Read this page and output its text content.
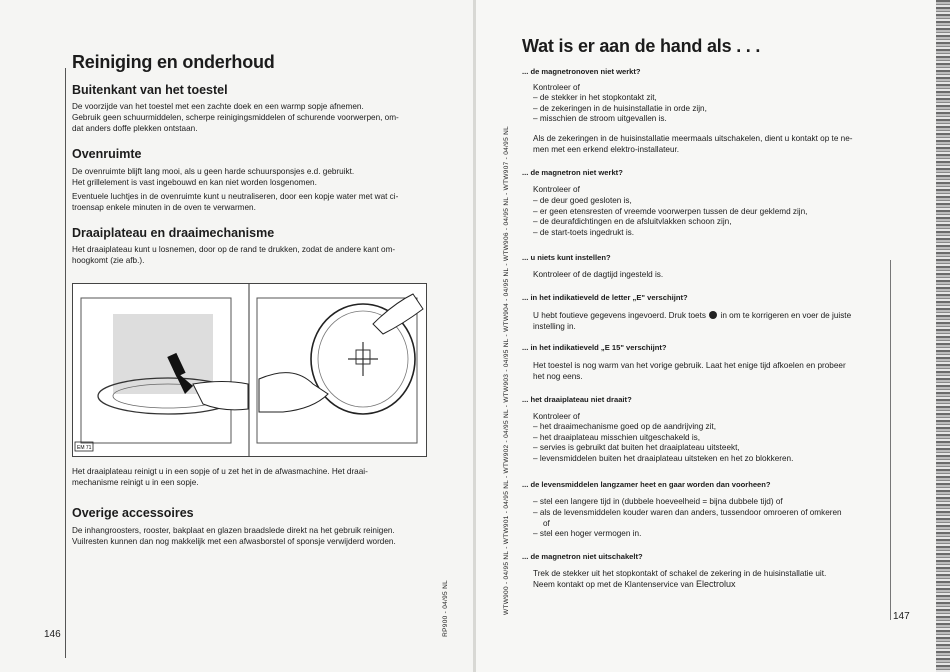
Reiniging en onderhoud
Buitenkant van het toestel

De voorzijde van het toestel met een zachte doek en een warmp sopje afnemen.

Gebruik geen schuurmiddelen, scherpe reinigingsmiddelen of schurende voorwerpen, om-

dat anders doffe plekken ontstaan.

Ovenruimte

De ovenruimte blijft lang mooi, als u geen harde schuursponsjes e.d. gebruikt.

Het grillelement is vast ingebouwd en kan niet worden losgenomen.

Eventuele luchtjes in de ovenruimte kunt u neutraliseren, door een kopje water met wat ci-

troensap enkele minuten in de oven te verwarmen.

Draaiplateau en draaimechanisme

Het draaiplateau kunt u losnemen, door op de rand te drukken, zodat de andere kant om-

hoogkomt (zie afb.).

EM 71

Het draaiplateau reinigt u in een sopje of u zet het in de afwasmachine. Het draai-

mechanisme reinigt u in een sopje.

Overige accessoires

De inhangroosters, rooster, bakplaat en glazen braadslede direkt na het gebruik reinigen.

Vuilresten kunnen dan nog makkelijk met een afwasborstel of sponsje verwijderd worden.

146	RP900 - 04/95 NL
Wat is er aan de hand als . . .
... de magnetronoven niet werkt?

Kontroleer of

– de stekker in het stopkontakt zit,
– de zekeringen in de huisinstallatie in orde zijn,
– misschien de stroom uitgevallen is.

Als de zekeringen in de huisinstallatie meermaals uitschakelen, dient u kontakt op te ne-

men met een erkend elektro-installateur.

... de magnetron niet werkt?

Kontroleer of

– de deur goed gesloten is,
– er geen etensresten of vreemde voorwerpen tussen de deur geklemd zijn,
– de deurafdichtingen en de afsluitvlakken schoon zijn,
– de start-toets ingedrukt is.
... u niets kunt instellen?

Kontroleer of de dagtijd ingesteld is.

... in het indikatieveld de letter „E" verschijnt?

U hebt foutieve gegevens ingevoerd. Druk toets in om te korrigeren en voer de juiste

instelling in.

... in het indikatieveld „E 15" verschijnt?

Het toestel is nog warm van het vorige gebruik. Laat het enige tijd afkoelen en probeer

het nog eens.

... het draaiplateau niet draait?

Kontroleer of

– het draaimechanisme goed op de aandrijving zit,
– het draaiplateau misschien uitgeschakeld is,
– servies is gebruikt dat buiten het draaiplateau uitsteekt,
– levensmiddelen buiten het draaiplateau uitsteken en het zo blokkeren.
... de levensmiddelen langzamer heet en gaar worden dan voorheen?
– stel een langere tijd in (dubbele hoeveelheid = bijna dubbele tijd) of
– als de levensmiddelen kouder waren dan anders, tussendoor omroeren of omkeren

of

– stel een hoger vermogen in.
... de magnetron niet uitschakelt?

Trek de stekker uit het stopkontakt of schakel de zekering in de huisinstallatie uit.

Neem kontakt op met de Klantenservice van Electrolux

147
WTW900 - 04/95 NL - WTW901 - 04/95 NL - WTW902 - 04/95 NL - WTW903 - 04/95 NL - WTW904 - 04/95 NL - WTW906 - 04/95 NL - WTW907 - 04/95 NL
